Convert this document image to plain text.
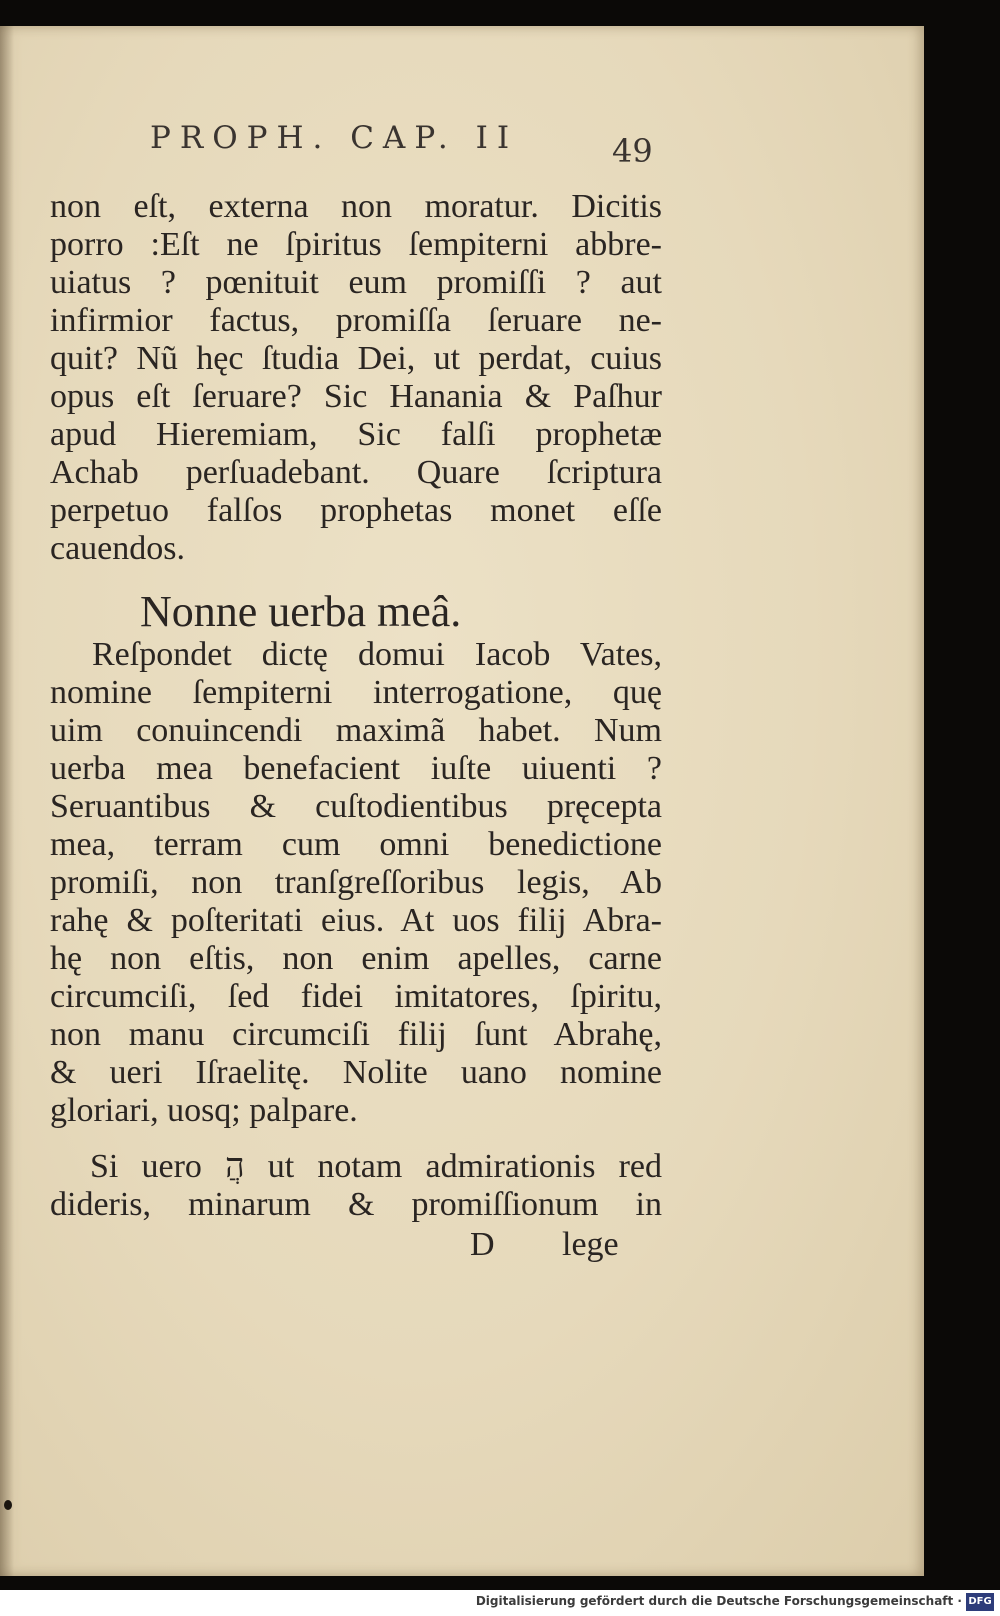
PROPH. CAP. II	49
non eſt, externa non moratur. Dicitis
porro :Eſt ne ſpiritus ſempiterni abbre-
uiatus ? pœnituit eum promiſſi ? aut
infirmior factus, promiſſa ſeruare ne-
quit? Nũ hęc ſtudia Dei, ut perdat, cuius
opus eſt ſeruare? Sic Hanania & Paſhur
apud Hieremiam, Sic falſi prophetæ
Achab perſuadebant. Quare ſcriptura
perpetuo falſos prophetas monet eſſe
cauendos.
Nonne uerba meâ.
Reſpondet dictę domui Iacob Vates,
nomine ſempiterni interrogatione, quę
uim conuincendi maximã habet. Num
uerba mea benefacient iuſte uiuenti ?
Seruantibus & cuſtodientibus pręcepta
mea, terram cum omni benedictione
promiſi, non tranſgreſſoribus legis, Ab
rahę & poſteritati eius. At uos filij Abra-
hę non eſtis, non enim apelles, carne
circumciſi, ſed fidei imitatores, ſpiritu,
non manu circumciſi filij ſunt Abrahę,
& ueri Iſraelitę. Nolite uano nomine
gloriari, uosq; palpare.
Si uero הֲ ut notam admirationis red
dideris, minarum & promiſſionum in
D lege
Digitalisierung gefördert durch die Deutsche Forschungsgemeinschaft · DFG
